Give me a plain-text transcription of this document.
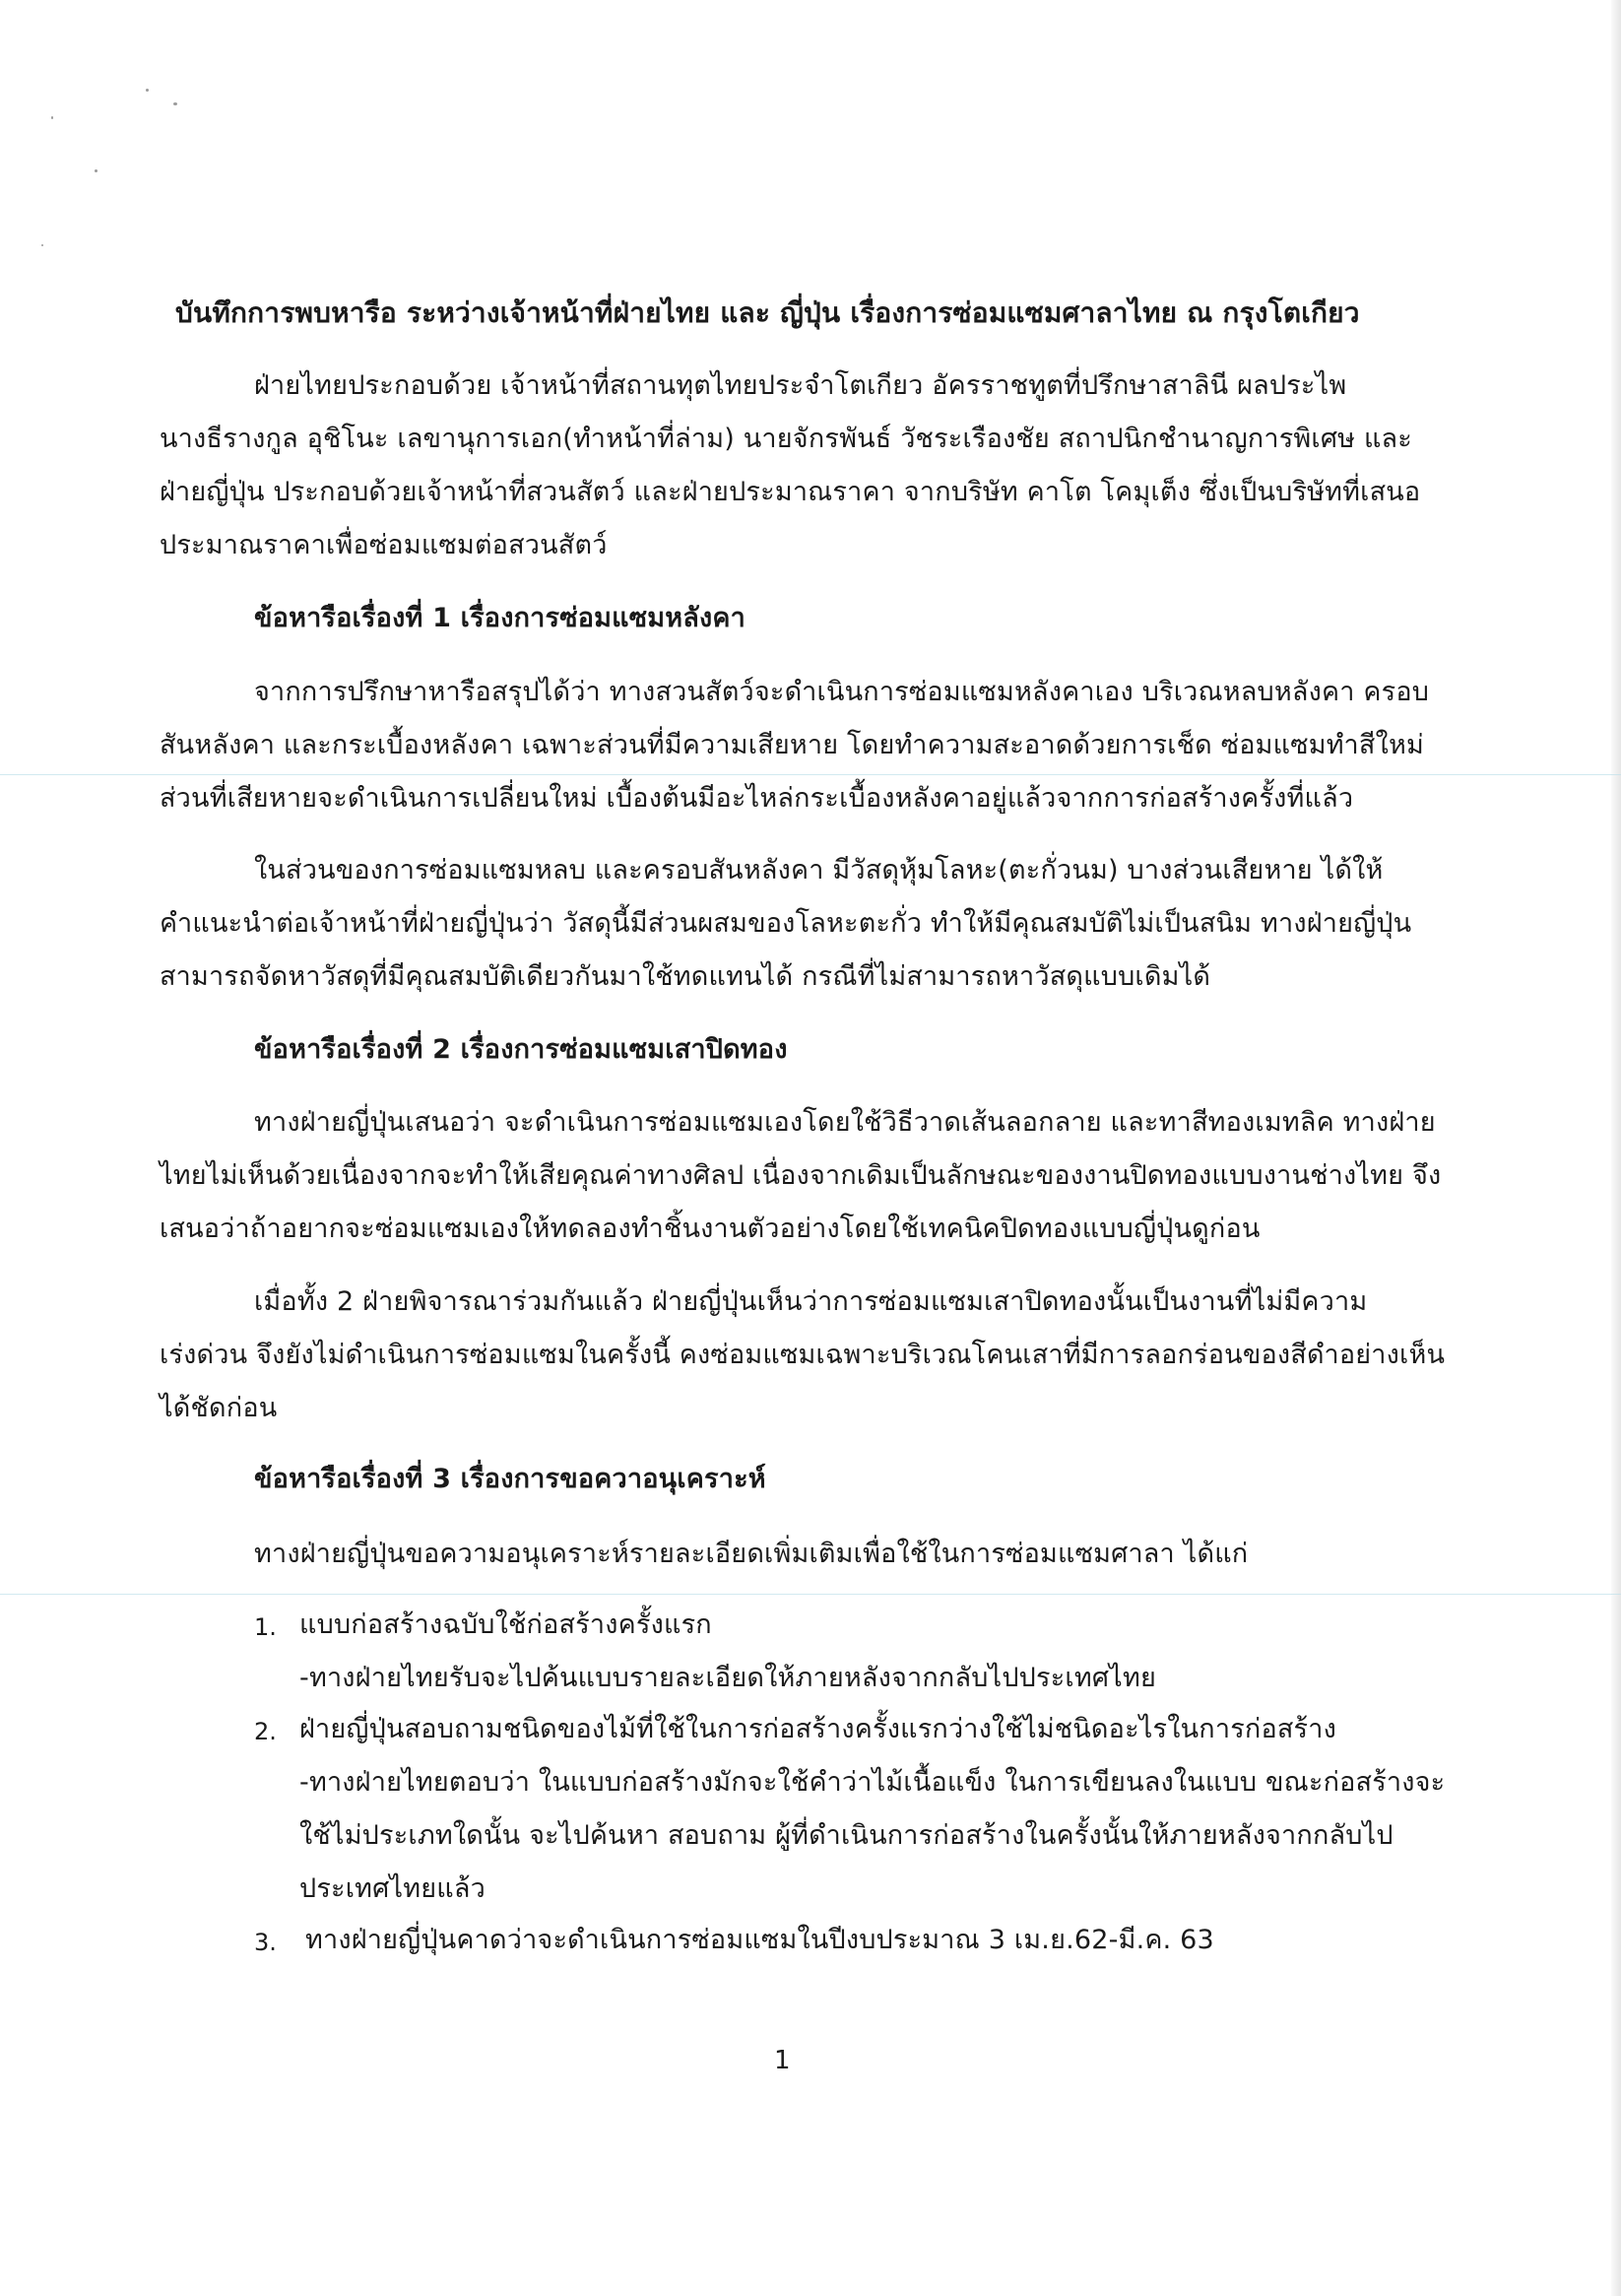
บันทึกการพบหารือ ระหว่างเจ้าหน้าที่ฝ่ายไทย และ ญี่ปุ่น เรื่องการซ่อมแซมศาลาไทย ณ กรุงโตเกียว
ฝ่ายไทยประกอบด้วย เจ้าหน้าที่สถานทุตไทยประจำโตเกียว อัครราชทูตที่ปรึกษาสาลินี ผลประไพ
นางธีรางกูล อุชิโนะ เลขานุการเอก(ทำหน้าที่ล่าม) นายจักรพันธ์ วัชระเรืองชัย สถาปนิกชำนาญการพิเศษ และ
ฝ่ายญี่ปุ่น ประกอบด้วยเจ้าหน้าที่สวนสัตว์ และฝ่ายประมาณราคา จากบริษัท คาโต โคมุเต็ง ซึ่งเป็นบริษัทที่เสนอ
ประมาณราคาเพื่อซ่อมแซมต่อสวนสัตว์
ข้อหารือเรื่องที่ 1 เรื่องการซ่อมแซมหลังคา
จากการปรึกษาหารือสรุปได้ว่า ทางสวนสัตว์จะดำเนินการซ่อมแซมหลังคาเอง บริเวณหลบหลังคา ครอบ
สันหลังคา และกระเบื้องหลังคา เฉพาะส่วนที่มีความเสียหาย โดยทำความสะอาดด้วยการเช็ด ซ่อมแซมทำสีใหม่
ส่วนที่เสียหายจะดำเนินการเปลี่ยนใหม่ เบื้องต้นมีอะไหล่กระเบื้องหลังคาอยู่แล้วจากการก่อสร้างครั้งที่แล้ว
ในส่วนของการซ่อมแซมหลบ และครอบสันหลังคา มีวัสดุหุ้มโลหะ(ตะกั่วนม) บางส่วนเสียหาย ได้ให้
คำแนะนำต่อเจ้าหน้าที่ฝ่ายญี่ปุ่นว่า วัสดุนี้มีส่วนผสมของโลหะตะกั่ว ทำให้มีคุณสมบัติไม่เป็นสนิม ทางฝ่ายญี่ปุ่น
สามารถจัดหาวัสดุที่มีคุณสมบัติเดียวกันมาใช้ทดแทนได้ กรณีที่ไม่สามารถหาวัสดุแบบเดิมได้
ข้อหารือเรื่องที่ 2 เรื่องการซ่อมแซมเสาปิดทอง
ทางฝ่ายญี่ปุ่นเสนอว่า จะดำเนินการซ่อมแซมเองโดยใช้วิธีวาดเส้นลอกลาย และทาสีทองเมทลิค ทางฝ่าย
ไทยไม่เห็นด้วยเนื่องจากจะทำให้เสียคุณค่าทางศิลป เนื่องจากเดิมเป็นลักษณะของงานปิดทองแบบงานช่างไทย จึง
เสนอว่าถ้าอยากจะซ่อมแซมเองให้ทดลองทำชิ้นงานตัวอย่างโดยใช้เทคนิคปิดทองแบบญี่ปุ่นดูก่อน
เมื่อทั้ง 2 ฝ่ายพิจารณาร่วมกันแล้ว ฝ่ายญี่ปุ่นเห็นว่าการซ่อมแซมเสาปิดทองนั้นเป็นงานที่ไม่มีความ
เร่งด่วน จึงยังไม่ดำเนินการซ่อมแซมในครั้งนี้ คงซ่อมแซมเฉพาะบริเวณโคนเสาที่มีการลอกร่อนของสีดำอย่างเห็น
ได้ชัดก่อน
ข้อหารือเรื่องที่ 3 เรื่องการขอควาอนุเคราะห์
ทางฝ่ายญี่ปุ่นขอความอนุเคราะห์รายละเอียดเพิ่มเติมเพื่อใช้ในการซ่อมแซมศาลา ได้แก่
1. แบบก่อสร้างฉบับใช้ก่อสร้างครั้งแรก
-ทางฝ่ายไทยรับจะไปค้นแบบรายละเอียดให้ภายหลังจากกลับไปประเทศไทย
2. ฝ่ายญี่ปุ่นสอบถามชนิดของไม้ที่ใช้ในการก่อสร้างครั้งแรกว่างใช้ไม่ชนิดอะไรในการก่อสร้าง
-ทางฝ่ายไทยตอบว่า ในแบบก่อสร้างมักจะใช้คำว่าไม้เนื้อแข็ง ในการเขียนลงในแบบ ขณะก่อสร้างจะ
ใช้ไม่ประเภทใดนั้น จะไปค้นหา สอบถาม ผู้ที่ดำเนินการก่อสร้างในครั้งนั้นให้ภายหลังจากกลับไป
ประเทศไทยแล้ว
3. ทางฝ่ายญี่ปุ่นคาดว่าจะดำเนินการซ่อมแซมในปีงบประมาณ 3 เม.ย.62-มี.ค. 63
1
